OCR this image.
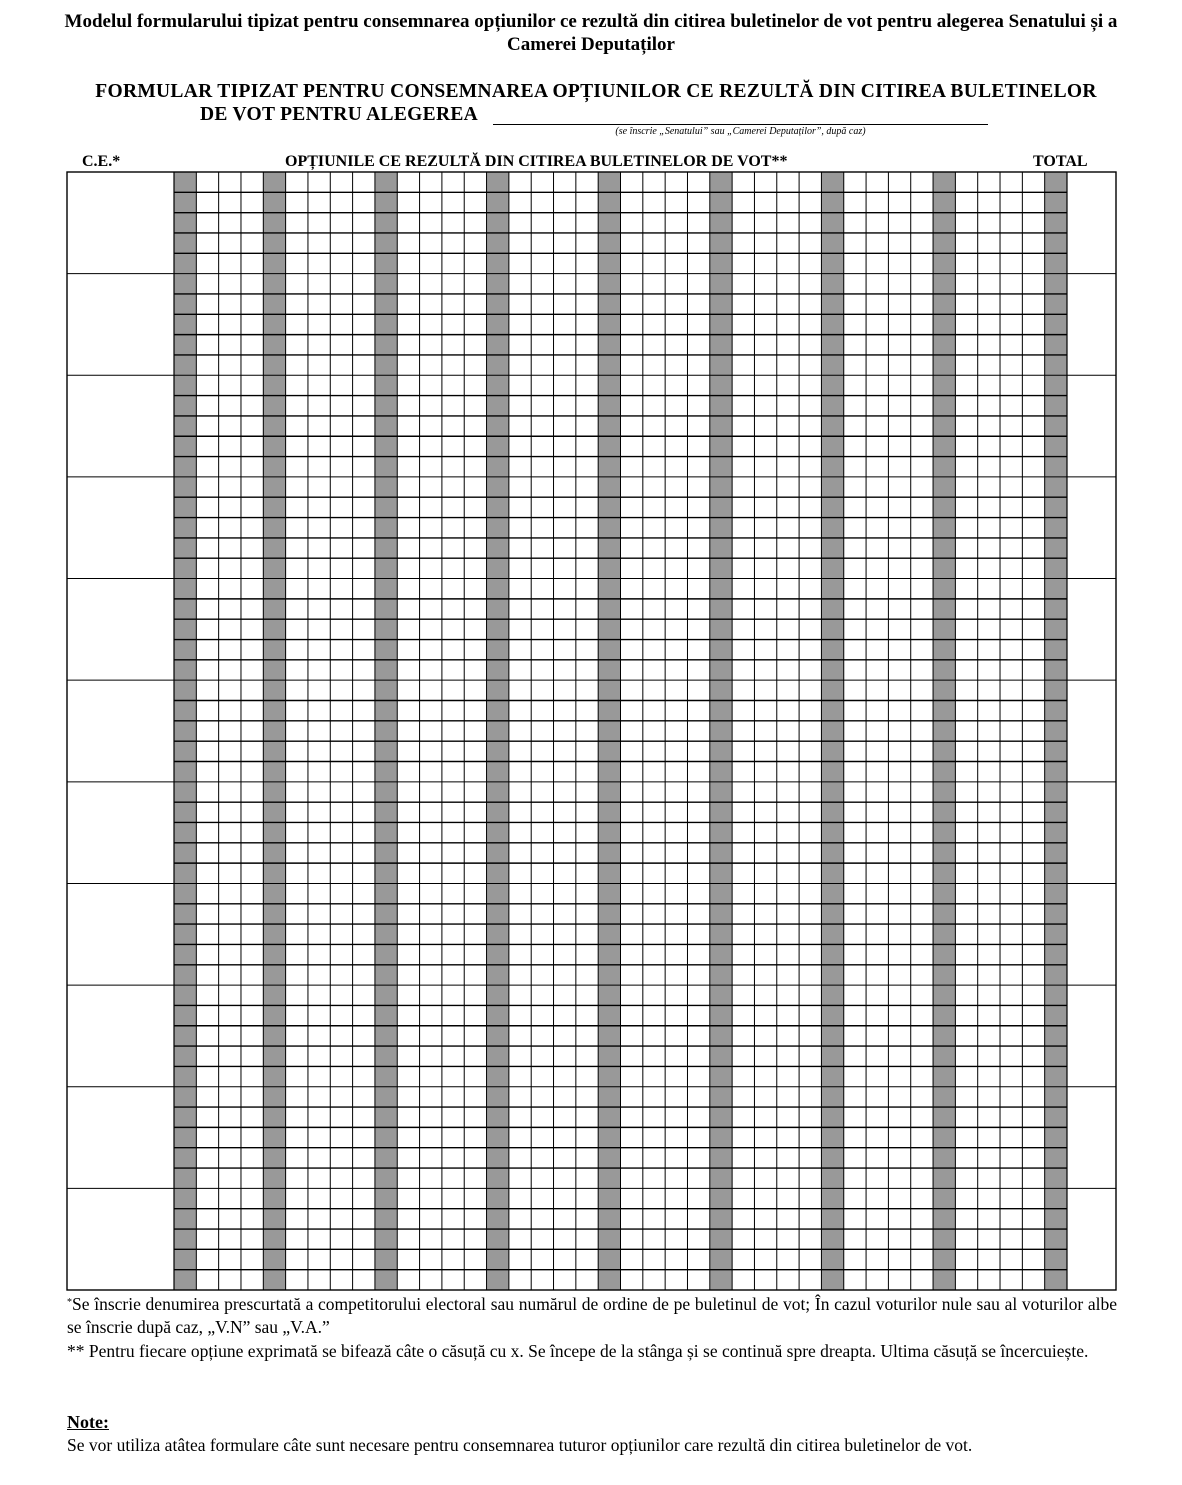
Modelul formularului tipizat pentru consemnarea opțiunilor ce rezultă din citirea buletinelor de vot pentru alegerea Senatului și a Camerei Deputaților
FORMULAR TIPIZAT PENTRU CONSEMNAREA OPȚIUNILOR CE REZULTĂ DIN CITIREA BULETINELOR
DE VOT PENTRU ALEGEREA
(se înscrie „Senatului” sau „Camerei Deputaților”, după caz)
C.E.*	OPȚIUNILE CE REZULTĂ DIN CITIREA BULETINELOR DE VOT**	TOTAL
*Se înscrie denumirea prescurtată a competitorului electoral sau numărul de ordine de pe buletinul de vot; În cazul voturilor nule sau al voturilor albe se înscrie după caz, „V.N” sau „V.A.”
** Pentru fiecare opțiune exprimată se bifează câte o căsuță cu x. Se începe de la stânga și se continuă spre dreapta. Ultima căsuță se încercuiește.
Note:
Se vor utiliza atâtea formulare câte sunt necesare pentru consemnarea tuturor opțiunilor care rezultă din citirea buletinelor de vot.
